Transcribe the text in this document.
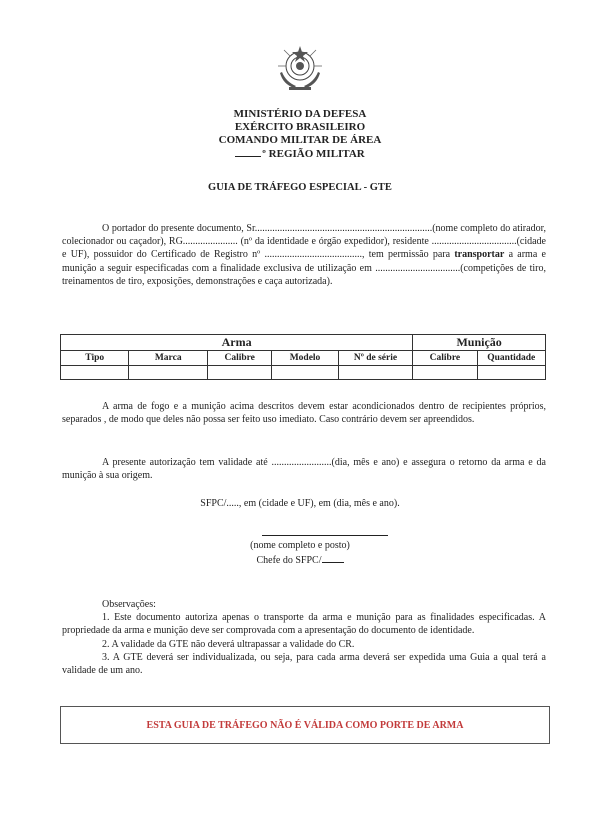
MINISTÉRIO DA DEFESA
EXÉRCITO BRASILEIRO
COMANDO MILITAR DE ÁREA
º REGIÃO MILITAR
GUIA DE TRÁFEGO ESPECIAL - GTE
O portador do presente documento, Sr.......................................................................(nome completo do atirador, colecionador ou caçador), RG...................... (nº da identidade e órgão expedidor), residente ..................................(cidade e UF), possuidor do Certificado de Registro nº ......................................., tem permissão para transportar a arma e munição a seguir especificadas com a finalidade exclusiva de utilização em ..................................(competições de tiro, treinamentos de tiro, exposições, demonstrações e caça autorizada).
Arma					Munição	
Tipo	Marca	Calibre	Modelo	Nº de série	Calibre	Quantidade

A arma de fogo e a munição acima descritos devem estar acondicionados dentro de recipientes próprios, separados , de modo que deles não possa ser feito uso imediato. Caso contrário devem ser apreendidos.
A presente autorização tem validade até ........................(dia, mês e ano) e assegura o retorno da arma e da munição à sua origem.
SFPC/....., em (cidade e UF), em (dia, mês e ano).
(nome completo e posto)
Chefe do SFPC/
Observações:
1. Este documento autoriza apenas o transporte da arma e munição para as finalidades especificadas. A propriedade da arma e munição deve ser comprovada com a apresentação do documento de identidade.
2. A validade da GTE não deverá ultrapassar a validade do CR.
3. A GTE deverá ser individualizada, ou seja, para cada arma deverá ser expedida uma Guia a qual terá a validade de um ano.
ESTA GUIA DE TRÁFEGO NÃO É VÁLIDA COMO PORTE DE ARMA
